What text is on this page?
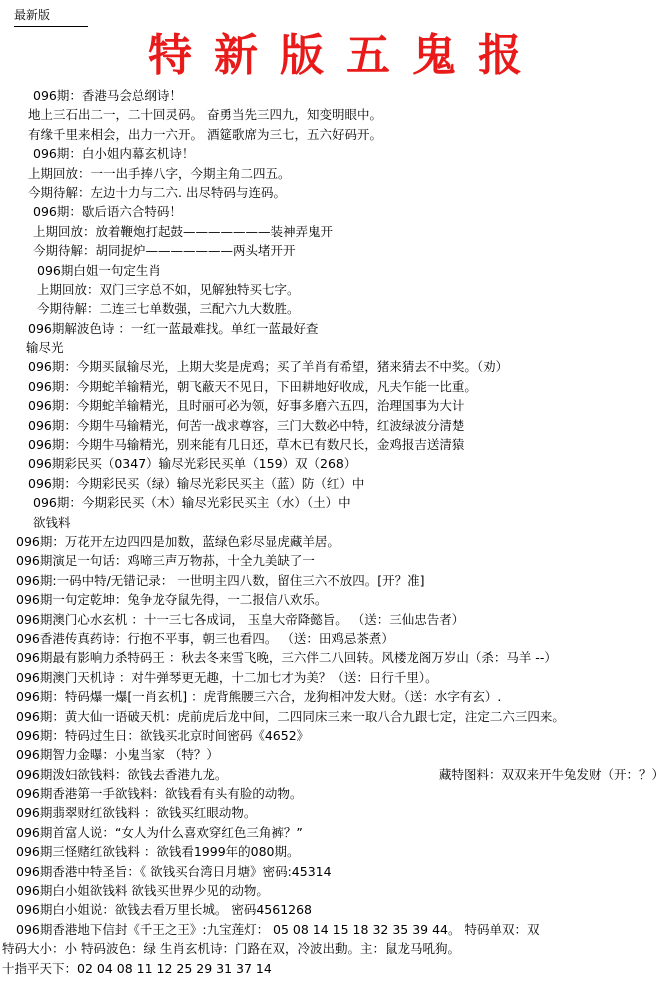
最新版
特新版五鬼报
096期：香港马会总纲诗！
地上三石出二一，二十回灵码。 奋勇当先三四九，知变明眼中。
有缘千里来相会，出力一六开。 酒筵歌席为三七，五六好码开。
096期：白小姐内幕玄机诗！
上期回放：一一出手捧八字，今期主角二四五。
今期待解：左边十力与二六. 出尽特码与连码。
096期：歇后语六合特码！
上期回放：放着鞭炮打起鼓———————装神弄鬼开
今期待解：胡同捉炉———————两头堵开开
096期白姐一句定生肖
上期回放：双门三字总不如，见解独特买七字。
今期待解：二连三七单数强，三配六九大数胜。
096期解波色诗 ：一红一蓝最难找。单红一蓝最好查
输尽光
096期：今期买鼠输尽光，上期大奖是虎鸡；买了羊肖有希望，猪来猜去不中奖。（劝）
096期：今期蛇羊输精光，朝飞蔽天不见日，下田耕地好收成，凡夫乍能一比重。
096期：今期蛇羊输精光，且时丽可必为领，好事多磨六五四，治理国事为大计
096期：今期牛马输精光，何苦一战求尊容，三门大数必中特，红波绿波分清楚
096期：今期牛马输精光，别来能有几日还，草木已有数尺长，金鸡报吉送清猿
096期彩民买（0347）输尽光彩民买单（159）双（268）
096期：今期彩民买（绿）输尽光彩民买主（蓝）防（红）中
096期：今期彩民买（木）输尽光彩民买主（水）（土）中
欲钱料
096期：万花开左边四四是加数，蓝绿色彩尽显虎藏羊居。
096期演足一句话：鸡啼三声万物荪，十全九美缺了一
096期:一码中特/无错记录： 一世明主四八数，留住三六不放四。[开？准]
096期一句定乾坤：兔争龙夺鼠先得，一二报信八欢乐。
096期澳门心水玄机 ：十一三七各成词， 玉皇大帝降懿旨。 （送：三仙忠告者）
096香港传真药诗：行抱不平事，朝三也看四。 （送：田鸡忌茶煮）
096期最有影响力杀特码王 ：秋去冬来雪飞晚，三六伴二八回转。风楼龙阁万岁山（杀：马羊 --）
096期澳门天机诗 ：对牛弹琴更无趣，十二加七才为美？（送：日行千里）。
096期：特码爆一爆[一肖玄机] ：虎背熊腰三六合，龙狗相冲发大财。（送：水字有玄）.
096期：黄大仙一语破天机：虎前虎后龙中间，二四同床三来一取八合九跟七定，注定二六三四来。
096期：特码过生日：欲钱买北京时间密码《4652》
096期智力金曝：小鬼当家 （特？）
096期泼妇欲钱料：欲钱去香港九龙。	藏特图料：双双来开牛兔发财（开：？）
096期香港第一手欲钱料：欲钱看有头有脸的动物。
096期翡翠财红欲钱料 ：欲钱买红眼动物。
096期首富人说：“女人为什么喜欢穿红色三角裤？”
096期三怪赌红欲钱料 ：欲钱看1999年的080期。
096期香港中特圣旨：《 欲钱买台湾日月塘》密码:45314
096期白小姐欲钱料 欲钱买世界少见的动物。
096期白小姐说：欲钱去看万里长城。 密码4561268
096期香港地下信封《千王之王》:九宝莲灯： 05 08 14 15 18 32 35 39 44。 特码单双：双
特码大小：小 特码波色：绿 生肖玄机诗：门路在双，冷波出動。主：鼠龙马吼狗。
十指平天下：02 04 08 11 12 25 29 31 37 14
